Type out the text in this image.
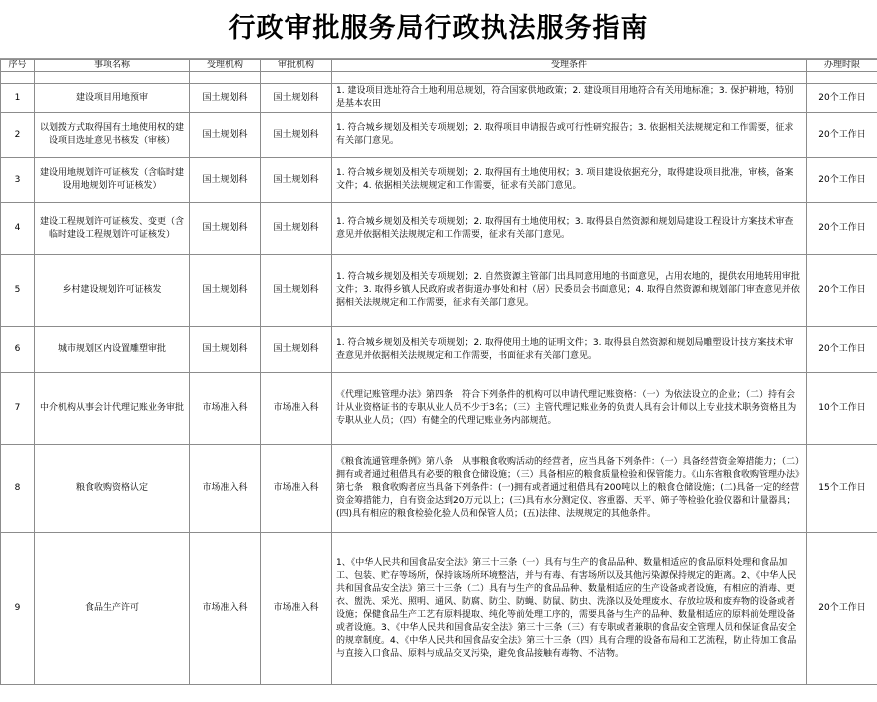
行政审批服务局行政执法服务指南

序号	事项名称	受理机构	审批机构	受理条件	办理时限
1	建设项目用地预审	国土规划科	国土规划科	1. 建设项目选址符合土地利用总规划，符合国家供地政策；2. 建设项目用地符合有关用地标准；3. 保护耕地，特别是基本农田	20个工作日
2	以划拨方式取得国有土地使用权的建设项目选址意见书核发（审核）	国土规划科	国土规划科	1. 符合城乡规划及相关专项规划；2. 取得项目申请报告或可行性研究报告；3. 依据相关法规规定和工作需要，征求有关部门意见。	20个工作日
3	建设用地规划许可证核发（含临时建设用地规划许可证核发）	国土规划科	国土规划科	1. 符合城乡规划及相关专项规划；2. 取得国有土地使用权；3. 项目建设依据充分，取得建设项目批准，审核，备案文件；4. 依据相关法规规定和工作需要，征求有关部门意见。	20个工作日
4	建设工程规划许可证核发、变更（含临时建设工程规划许可证核发）	国土规划科	国土规划科	1. 符合城乡规划及相关专项规划；2. 取得国有土地使用权；3. 取得县自然资源和规划局建设工程设计方案技术审查意见并依据相关法规规定和工作需要，征求有关部门意见。	20个工作日
5	乡村建设规划许可证核发	国土规划科	国土规划科	1. 符合城乡规划及相关专项规划；2. 自然资源主管部门出具同意用地的书面意见，占用农地的，提供农用地转用审批文件；3. 取得乡镇人民政府或者街道办事处和村（居）民委员会书面意见；4. 取得自然资源和规划部门审查意见并依据相关法规规定和工作需要，征求有关部门意见。	20个工作日
6	城市规划区内设置雕塑审批	国土规划科	国土规划科	1. 符合城乡规划及相关专项规划；2. 取得使用土地的证明文件；3. 取得县自然资源和规划局雕塑设计技方案技术审查意见并依据相关法规规定和工作需要，书面征求有关部门意见。	20个工作日
7	中介机构从事会计代理记账业务审批	市场准入科	市场准入科	《代理记账管理办法》第四条　符合下列条件的机构可以申请代理记账资格：（一）为依法设立的企业；（二）持有会计从业资格证书的专职从业人员不少于3名；（三）主管代理记账业务的负责人具有会计师以上专业技术职务资格且为专职从业人员；（四）有健全的代理记账业务内部规范。	10个工作日
8	粮食收购资格认定	市场准入科	市场准入科	《粮食流通管理条例》第八条　从事粮食收购活动的经营者，应当具备下列条件：（一）具备经营资金筹措能力；（二）拥有或者通过租借具有必要的粮食仓储设施；（三）具备相应的粮食质量检验和保管能力。《山东省粮食收购管理办法》第七条　粮食收购者应当具备下列条件：(一)拥有或者通过租借具有200吨以上的粮食仓储设施；(二)具备一定的经营资金筹措能力，自有资金达到20万元以上；(三)具有水分测定仪、容重器、天平、筛子等检验化验仪器和计量器具；(四)具有相应的粮食检验化验人员和保管人员；(五)法律、法规规定的其他条件。	15个工作日
9	食品生产许可	市场准入科	市场准入科	1、《中华人民共和国食品安全法》第三十三条（一）具有与生产的食品品种、数量相适应的食品原料处理和食品加工、包装、贮存等场所，保持该场所环境整洁，并与有毒、有害场所以及其他污染源保持规定的距离。2、《中华人民共和国食品安全法》第三十三条（二）具有与生产的食品品种、数量相适应的生产设备或者设施，有相应的消毒、更衣、盥洗、采光、照明、通风、防腐、防尘、防蝇、防鼠、防虫、洗涤以及处理废水、存放垃圾和废弃物的设备或者设施；保健食品生产工艺有原料提取、纯化等前处理工序的，需要具备与生产的品种、数量相适应的原料前处理设备或者设施。3、《中华人民共和国食品安全法》第三十三条（三）有专职或者兼职的食品安全管理人员和保证食品安全的规章制度。4、《中华人民共和国食品安全法》第三十三条（四）具有合理的设备布局和工艺流程，防止待加工食品与直接入口食品、原料与成品交叉污染，避免食品接触有毒物、不洁物。	20个工作日
